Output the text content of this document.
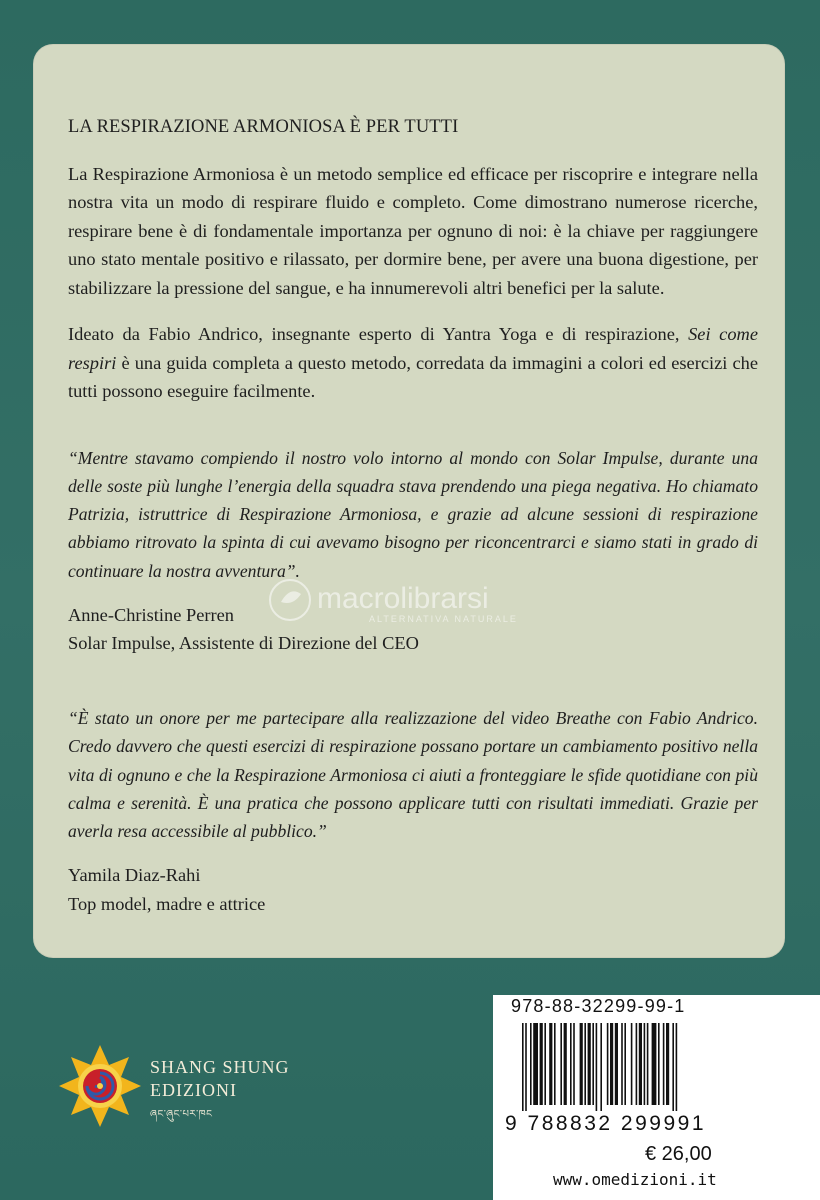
LA RESPIRAZIONE ARMONIOSA È PER TUTTI

La Respirazione Armoniosa è un metodo semplice ed efficace per riscoprire e integrare nella nostra vita un modo di respirare fluido e completo. Come dimostrano numerose ricerche, respirare bene è di fondamentale importanza per ognuno di noi: è la chiave per raggiungere uno stato mentale positivo e rilassato, per dormire bene, per avere una buona digestione, per stabilizzare la pressione del sangue, e ha innumerevoli altri benefici per la salute.

Ideato da Fabio Andrico, insegnante esperto di Yantra Yoga e di respirazione, Sei come respiri è una guida completa a questo metodo, corredata da immagini a colori ed esercizi che tutti possono eseguire facilmente.

“Mentre stavamo compiendo il nostro volo intorno al mondo con Solar Impulse, durante una delle soste più lunghe l’energia della squadra stava prendendo una piega negativa. Ho chiamato Patrizia, istruttrice di Respirazione Armoniosa, e grazie ad alcune sessioni di respirazione abbiamo ritrovato la spinta di cui avevamo bisogno per riconcentrarci e siamo stati in grado di continuare la nostra avventura”.

Anne-Christine Perren
Solar Impulse, Assistente di Direzione del CEO

“È stato un onore per me partecipare alla realizzazione del video Breathe con Fabio Andrico. Credo davvero che questi esercizi di respirazione possano portare un cambiamento positivo nella vita di ognuno e che la Respirazione Armoniosa ci aiuti a fronteggiare le sfide quotidiane con più calma e serenità. È una pratica che possono applicare tutti con risultati immediati. Grazie per averla resa accessibile al pubblico.”

Yamila Diaz-Rahi
Top model, madre e attrice
macrolibrarsi
ALTERNATIVA NATURALE
SHANG SHUNG
EDIZIONI
ཞང་ཞུང་པར་ཁང
978-88-32299-99-1
9 788832 299991
€ 26,00
www.omedizioni.it
